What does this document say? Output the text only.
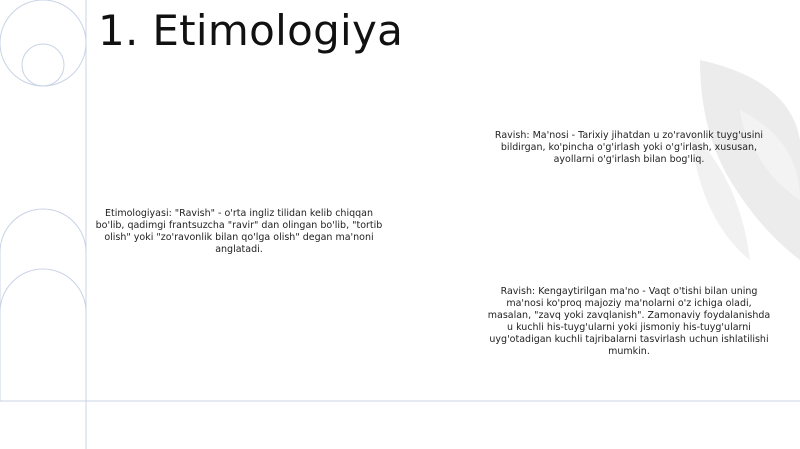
1. Etimologiya
Etimologiyasi: "Ravish" - o'rta ingliz tilidan kelib chiqqan bo'lib, qadimgi frantsuzcha "ravir" dan olingan bo'lib, "tortib olish" yoki "zo'ravonlik bilan qo'lga olish" degan ma'noni anglatadi.
Ravish: Ma'nosi - Tarixiy jihatdan u zo'ravonlik tuyg'usini bildirgan, ko'pincha o'g'irlash yoki o'g'irlash, xususan, ayollarni o'g'irlash bilan bog'liq.
Ravish: Kengaytirilgan ma'no - Vaqt o'tishi bilan uning ma'nosi ko'proq majoziy ma'nolarni o'z ichiga oladi, masalan, "zavq yoki zavqlanish". Zamonaviy foydalanishda u kuchli his-tuyg'ularni yoki jismoniy his-tuyg'ularni uyg'otadigan kuchli tajribalarni tasvirlash uchun ishlatilishi mumkin.
